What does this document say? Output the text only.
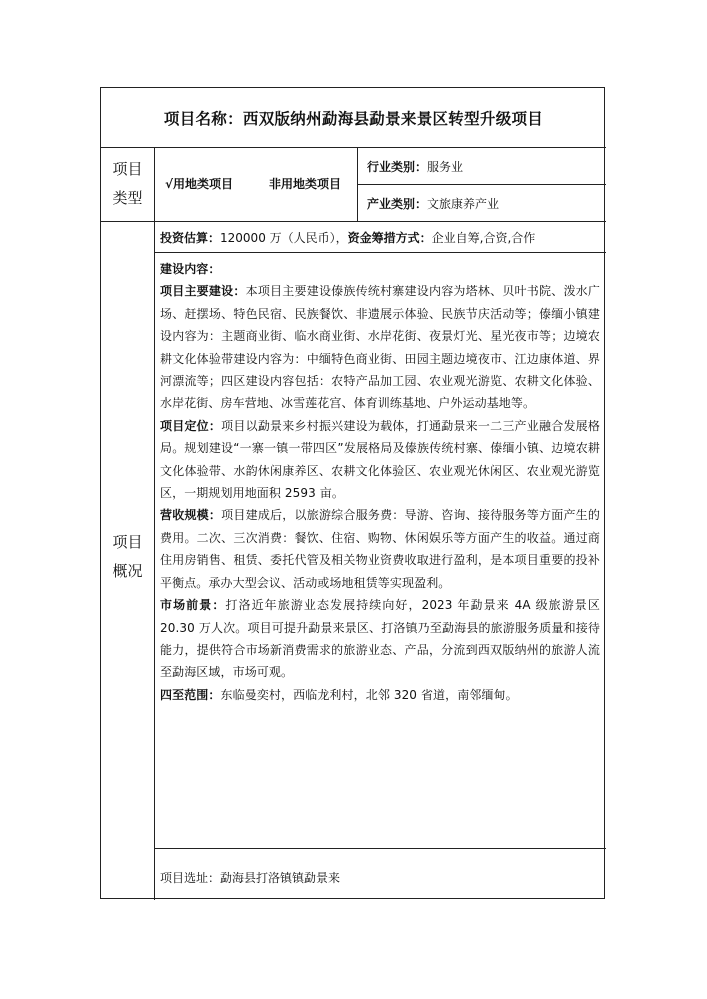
项目名称：西双版纳州勐海县勐景来景区转型升级项目
项目
类型
√用地类项目	非用地类项目
行业类别：服务业
产业类别：文旅康养产业
项目
概况
投资估算：120000 万（人民币），资金筹措方式：企业自筹,合资,合作

建设内容：

项目主要建设：本项目主要建设傣族传统村寨建设内容为塔林、贝叶书院、泼水广场、赶摆场、特色民宿、民族餐饮、非遗展示体验、民族节庆活动等；傣缅小镇建设内容为：主题商业街、临水商业街、水岸花街、夜景灯光、星光夜市等；边境农耕文化体验带建设内容为：中缅特色商业街、田园主题边境夜市、江边康体道、界河漂流等；四区建设内容包括：农特产品加工园、农业观光游览、农耕文化体验、水岸花街、房车营地、冰雪莲花宫、体育训练基地、户外运动基地等。

项目定位：项目以勐景来乡村振兴建设为载体，打通勐景来一二三产业融合发展格局。规划建设“一寨一镇一带四区”发展格局及傣族传统村寨、傣缅小镇、边境农耕文化体验带、水韵休闲康养区、农耕文化体验区、农业观光休闲区、农业观光游览区，一期规划用地面积 2593 亩。

营收规模：项目建成后，以旅游综合服务费：导游、咨询、接待服务等方面产生的费用。二次、三次消费：餐饮、住宿、购物、休闲娱乐等方面产生的收益。通过商住用房销售、租赁、委托代管及相关物业资费收取进行盈利，是本项目重要的投补平衡点。承办大型会议、活动或场地租赁等实现盈利。

市场前景：打洛近年旅游业态发展持续向好，2023 年勐景来 4A 级旅游景区 20.30 万人次。项目可提升勐景来景区、打洛镇乃至勐海县的旅游服务质量和接待能力，提供符合市场新消费需求的旅游业态、产品，分流到西双版纳州的旅游人流至勐海区域，市场可观。

四至范围：东临曼奕村，西临龙利村，北邻 320 省道，南邻缅甸。

项目选址：勐海县打洛镇镇勐景来
